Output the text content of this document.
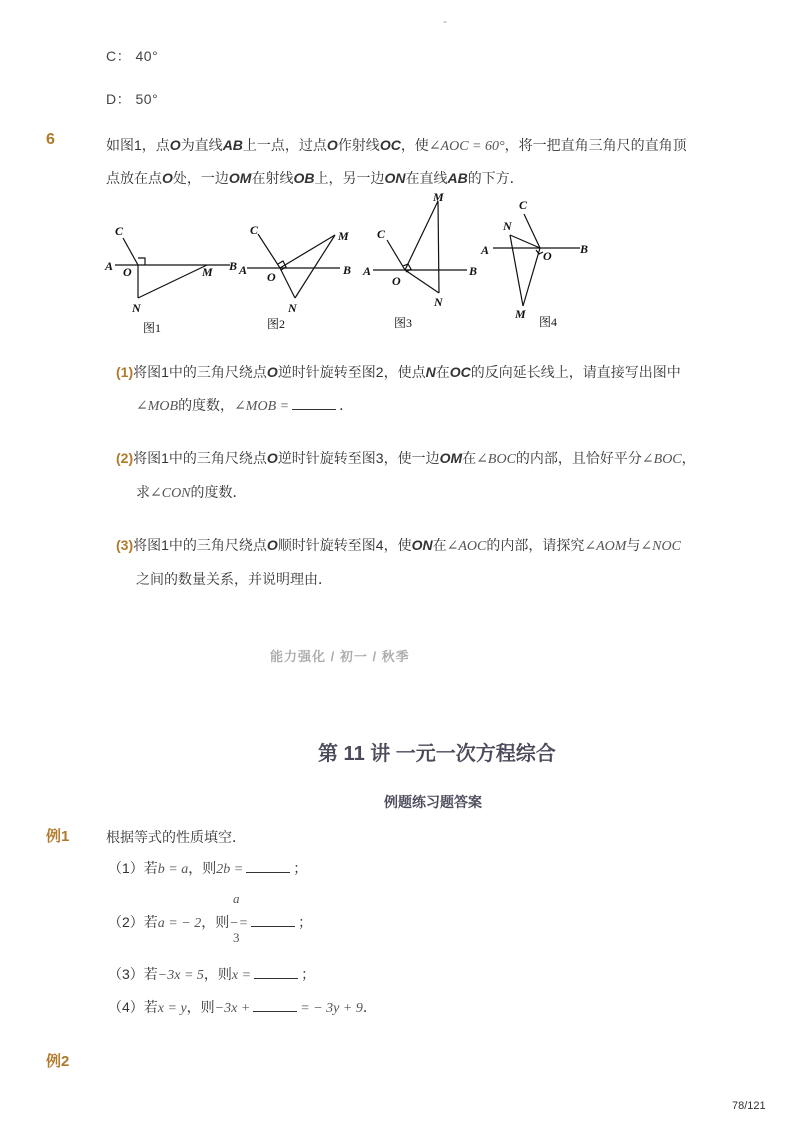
-
C： 40°
D： 50°
6	如图1，点O为直线AB上一点，过点O作射线OC，使∠AOC = 60°，将一把直角三角尺的直角顶
点放在点O处，一边OM在射线OB上，另一边ON在直线AB的下方．
A
C
O	M B
N
A
C
O
M
B
N
A
C
O
M
B
N
A
C
N
O B
M
图1	图2	图3	图4
(1)将图1中的三角尺绕点O逆时针旋转至图2，使点N在OC的反向延长线上，请直接写出图中
∠MOB的度数，∠MOB =	．
(2)将图1中的三角尺绕点O逆时针旋转至图3，使一边OM在∠BOC的内部，且恰好平分∠BOC，
求∠CON的度数．
(3)将图1中的三角尺绕点O顺时针旋转至图4，使ON在∠AOC的内部，请探究∠AOM与∠NOC
之间的数量关系，并说明理由．
能力强化 / 初一 / 秋季
第 11 讲 一元一次方程综合
例题练习题答案
例1	根据等式的性质填空．
（1）若b = a，则2b =	；
（2）若a = − 2，则−=	；
a
3
（3）若−3x = 5，则x =	；
（4）若x = y，则−3x +	= − 3y + 9．
例2
78/121
